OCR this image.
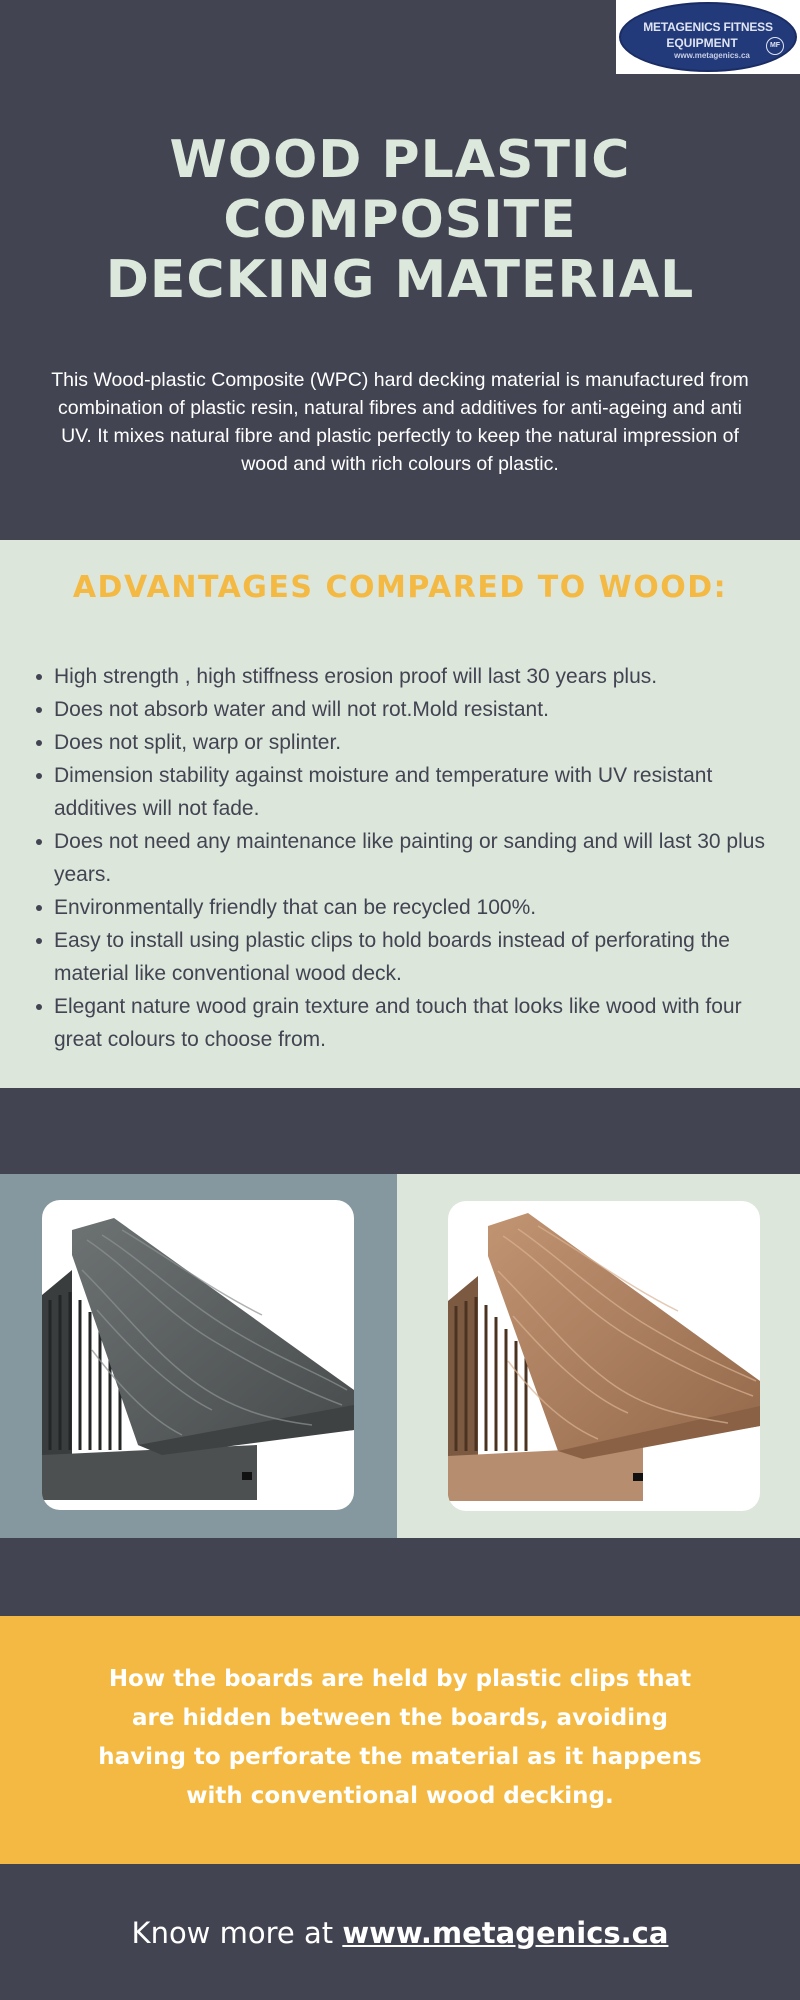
METAGENICS FITNESS
EQUIPMENT
www.metagenics.ca
MF
WOOD PLASTIC
COMPOSITE
DECKING MATERIAL

This Wood-plastic Composite (WPC) hard decking material is manufactured from combination of plastic resin, natural fibres and additives for anti-ageing and anti UV. It mixes natural fibre and plastic perfectly to keep the natural impression of wood and with rich colours of plastic.

ADVANTAGES COMPARED TO WOOD:
High strength , high stiffness erosion proof will last 30 years plus.
Does not absorb water and will not rot.Mold resistant.
Does not split, warp or splinter.
Dimension stability against moisture and temperature with UV resistant additives will not fade.
Does not need any maintenance like painting or sanding and will last 30 plus years.
Environmentally friendly that can be recycled 100%.
Easy to install using plastic clips to hold boards instead of perforating the material like conventional wood deck.
Elegant nature wood grain texture and touch that looks like wood with four great colours to choose from.

How the boards are held by plastic clips that are hidden between the boards, avoiding having to perforate the material as it happens with conventional wood decking.

Know more at www.metagenics.ca
